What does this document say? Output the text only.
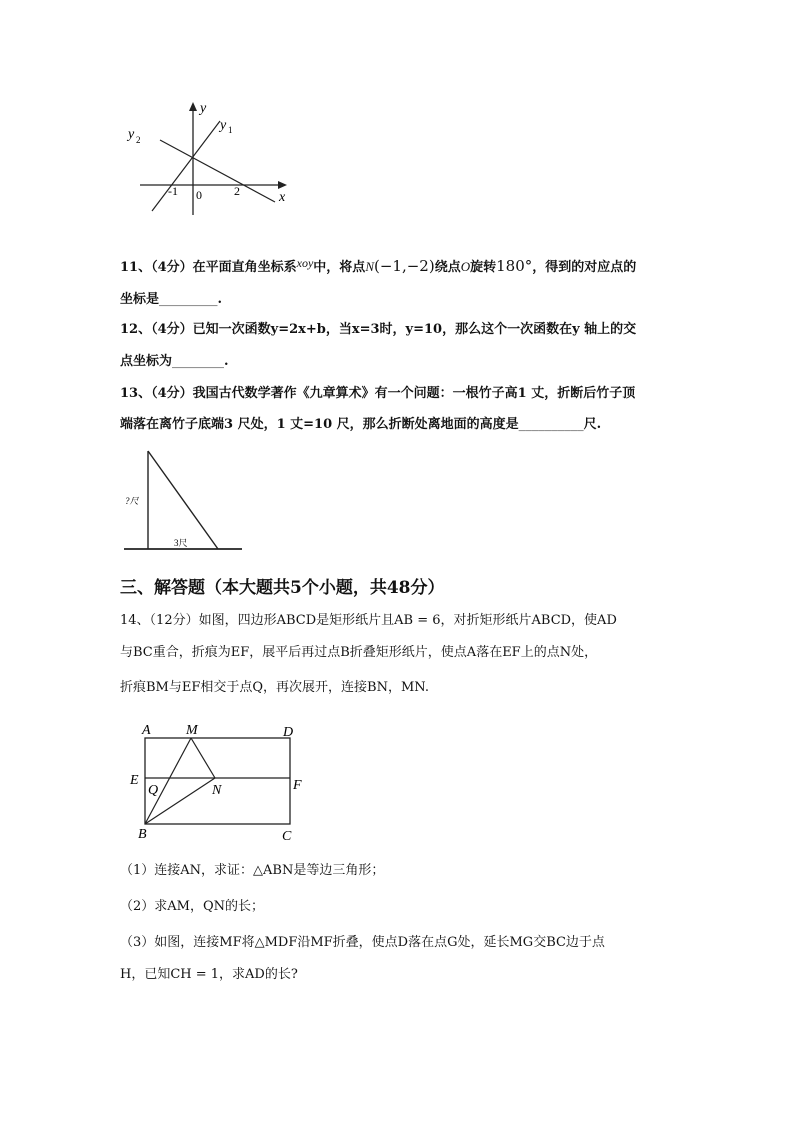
y
x
0
-1	2
y 1
y 2
11、（4分）在平面直角坐标系xoy中，将点N(−1,−2)绕点O旋转180°，得到的对应点的
坐标是_________.
12、（4分）已知一次函数y=2x+b，当x=3时，y=10，那么这个一次函数在y 轴上的交
点坐标为________.
13、（4分）我国古代数学著作《九章算术》有一个问题：一根竹子高1 丈，折断后竹子顶
端落在离竹子底端3 尺处，1 丈=10 尺，那么折断处离地面的高度是__________尺.
?尺
3尺
三、解答题（本大题共5个小题，共48分）
14、（12分）如图，四边形ABCD是矩形纸片且AB = 6，对折矩形纸片ABCD，使AD
与BC重合，折痕为EF，展平后再过点B折叠矩形纸片，使点A落在EF上的点N处，
折痕BM与EF相交于点Q，再次展开，连接BN，MN.
A	M	D
E	F
Q	N
B	C
（1）连接AN，求证：△ABN是等边三角形；
（2）求AM，QN的长；
（3）如图，连接MF将△MDF沿MF折叠，使点D落在点G处，延长MG交BC边于点
H，已知CH = 1，求AD的长?
